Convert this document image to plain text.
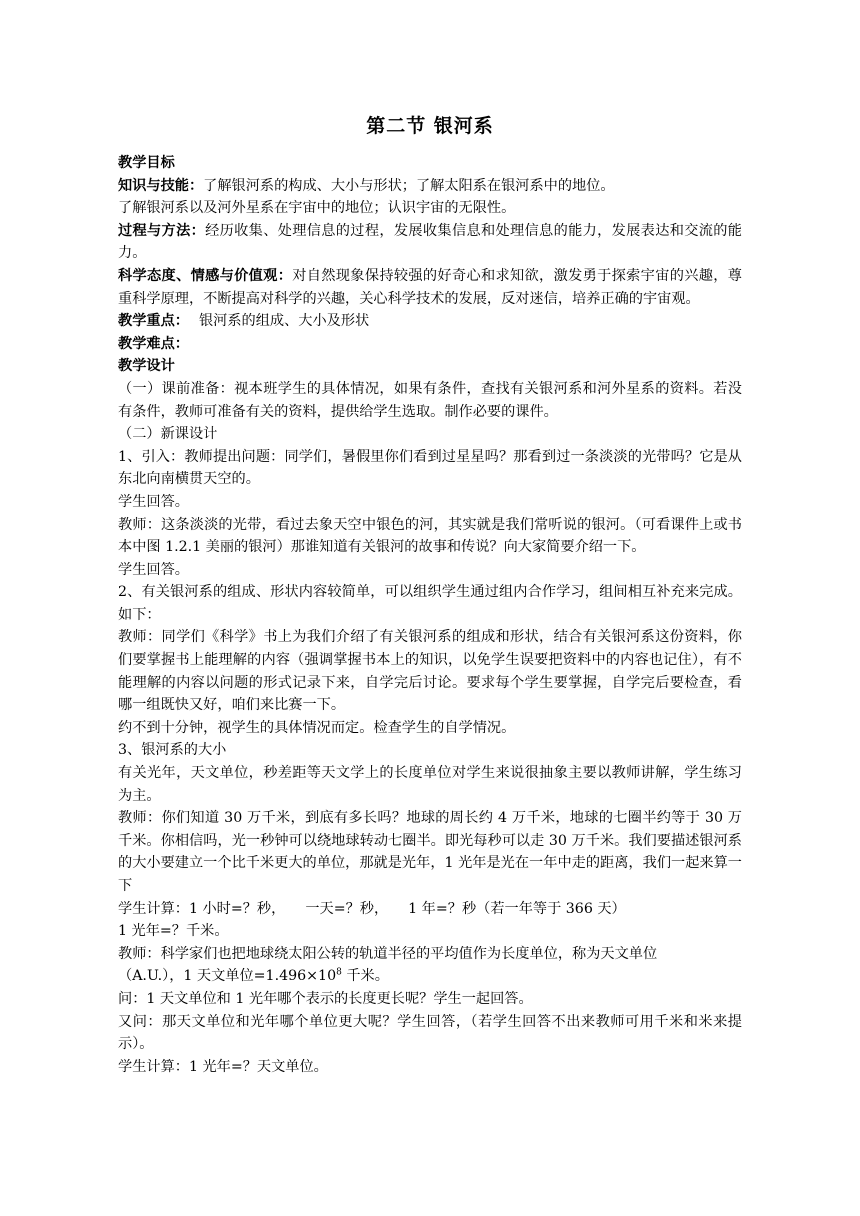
第二节 银河系

教学目标

知识与技能：了解银河系的构成、大小与形状；了解太阳系在银河系中的地位。

了解银河系以及河外星系在宇宙中的地位；认识宇宙的无限性。

过程与方法：经历收集、处理信息的过程，发展收集信息和处理信息的能力，发展表达和交流的能力。

科学态度、情感与价值观：对自然现象保持较强的好奇心和求知欲，激发勇于探索宇宙的兴趣，尊重科学原理，不断提高对科学的兴趣，关心科学技术的发展，反对迷信，培养正确的宇宙观。

教学重点： 银河系的组成、大小及形状

教学难点：

教学设计

（一）课前准备：视本班学生的具体情况，如果有条件，查找有关银河系和河外星系的资料。若没有条件，教师可准备有关的资料，提供给学生选取。制作必要的课件。

（二）新课设计

1、引入：教师提出问题：同学们，暑假里你们看到过星星吗？那看到过一条淡淡的光带吗？它是从东北向南横贯天空的。

学生回答。

教师：这条淡淡的光带，看过去象天空中银色的河，其实就是我们常听说的银河。（可看课件上或书本中图 1.2.1 美丽的银河）那谁知道有关银河的故事和传说？向大家简要介绍一下。

学生回答。

2、有关银河系的组成、形状内容较简单，可以组织学生通过组内合作学习，组间相互补充来完成。如下：

教师：同学们《科学》书上为我们介绍了有关银河系的组成和形状，结合有关银河系这份资料，你们要掌握书上能理解的内容（强调掌握书本上的知识，以免学生误要把资料中的内容也记住），有不能理解的内容以问题的形式记录下来，自学完后讨论。要求每个学生要掌握，自学完后要检查，看哪一组既快又好，咱们来比赛一下。

约不到十分钟，视学生的具体情况而定。检查学生的自学情况。

3、银河系的大小

有关光年，天文单位，秒差距等天文学上的长度单位对学生来说很抽象主要以教师讲解，学生练习为主。

教师：你们知道 30 万千米，到底有多长吗？地球的周长约 4 万千米，地球的七圈半约等于 30 万千米。你相信吗，光一秒钟可以绕地球转动七圈半。即光每秒可以走 30 万千米。我们要描述银河系的大小要建立一个比千米更大的单位，那就是光年，1 光年是光在一年中走的距离，我们一起来算一下

学生计算：1 小时=？秒， 一天=？秒， 1 年=？秒（若一年等于 366 天）

1 光年=？千米。

教师：科学家们也把地球绕太阳公转的轨道半径的平均值作为长度单位，称为天文单位

（A.U.），1 天文单位$=1.496\times 10^8$ 千米。

问：1 天文单位和 1 光年哪个表示的长度更长呢？学生一起回答。

又问：那天文单位和光年哪个单位更大呢？学生回答，（若学生回答不出来教师可用千米和米来提示）。

学生计算：1 光年=？天文单位。
